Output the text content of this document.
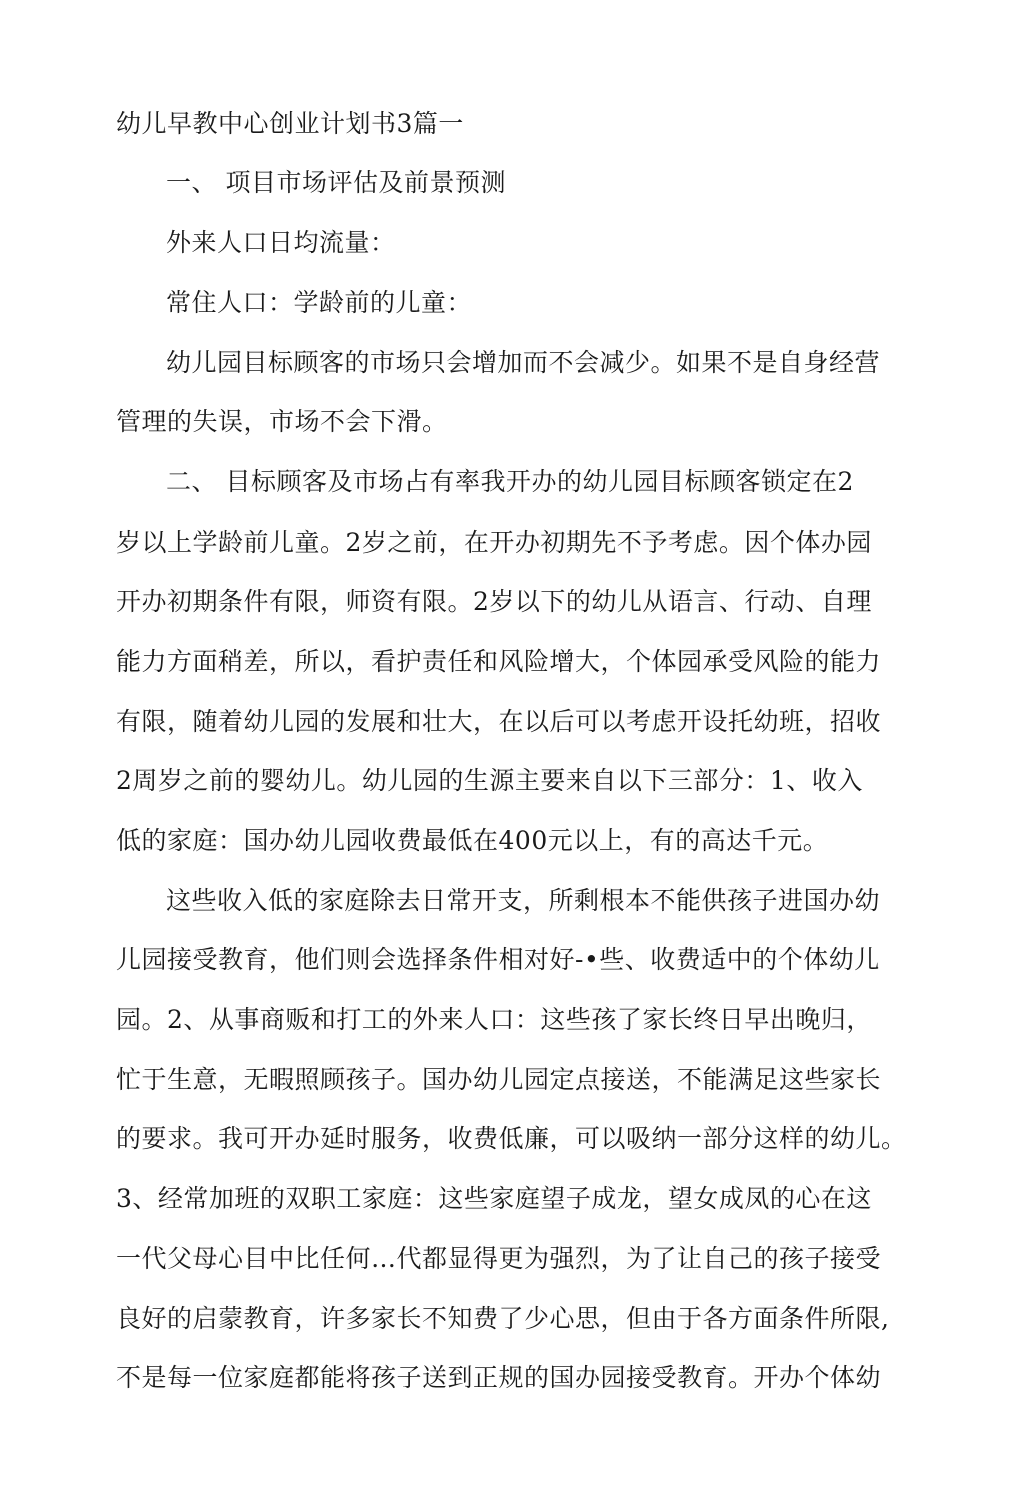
幼儿早教中心创业计划书3篇一
一、 项目市场评估及前景预测
外来人口日均流量：
常住人口：学龄前的儿童：
幼儿园目标顾客的市场只会增加而不会减少。如果不是自身经营
管理的失误，市场不会下滑。
二、 目标顾客及市场占有率我开办的幼儿园目标顾客锁定在2
岁以上学龄前儿童。2岁之前，在开办初期先不予考虑。因个体办园
开办初期条件有限，师资有限。2岁以下的幼儿从语言、行动、自理
能力方面稍差，所以，看护责任和风险增大，个体园承受风险的能力
有限，随着幼儿园的发展和壮大，在以后可以考虑开设托幼班，招收
2周岁之前的婴幼儿。幼儿园的生源主要来自以下三部分：1、收入
低的家庭：国办幼儿园收费最低在400元以上，有的高达千元。
这些收入低的家庭除去日常开支，所剩根本不能供孩子进国办幼
儿园接受教育，他们则会选择条件相对好-•些、收费适中的个体幼儿
园。2、从事商贩和打工的外来人口：这些孩了家长终日早出晚归，
忙于生意，无暇照顾孩子。国办幼儿园定点接送，不能满足这些家长
的要求。我可开办延时服务，收费低廉，可以吸纳一部分这样的幼儿。
3、经常加班的双职工家庭：这些家庭望子成龙，望女成凤的心在这
一代父母心目中比任何…代都显得更为强烈，为了让自己的孩子接受
良好的启蒙教育，许多家长不知费了少心思，但由于各方面条件所限,
不是每一位家庭都能将孩子送到正规的国办园接受教育。开办个体幼
